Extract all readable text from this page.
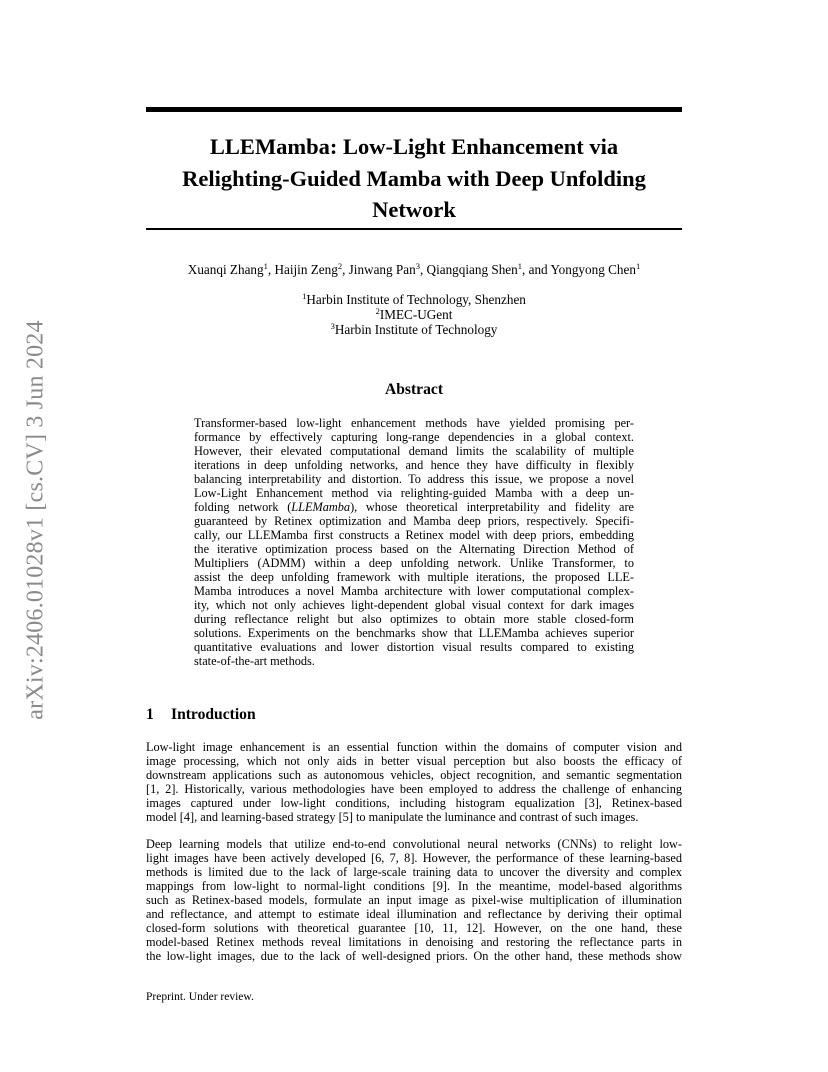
arXiv:2406.01028v1 [cs.CV] 3 Jun 2024
LLEMamba: Low-Light Enhancement via
Relighting-Guided Mamba with Deep Unfolding
Network
Xuanqi Zhang$^1$, Haijin Zeng$^2$, Jinwang Pan$^3$, Qiangqiang Shen$^1$, and Yongyong Chen$^1$
$^1$Harbin Institute of Technology, Shenzhen
$^2$IMEC-UGent
$^3$Harbin Institute of Technology
Abstract
Transformer-based low-light enhancement methods have yielded promising per-
formance by effectively capturing long-range dependencies in a global context.
However, their elevated computational demand limits the scalability of multiple
iterations in deep unfolding networks, and hence they have difficulty in flexibly
balancing interpretability and distortion. To address this issue, we propose a novel
Low-Light Enhancement method via relighting-guided Mamba with a deep un-
folding network (LLEMamba), whose theoretical interpretability and fidelity are
guaranteed by Retinex optimization and Mamba deep priors, respectively. Specifi-
cally, our LLEMamba first constructs a Retinex model with deep priors, embedding
the iterative optimization process based on the Alternating Direction Method of
Multipliers (ADMM) within a deep unfolding network. Unlike Transformer, to
assist the deep unfolding framework with multiple iterations, the proposed LLE-
Mamba introduces a novel Mamba architecture with lower computational complex-
ity, which not only achieves light-dependent global visual context for dark images
during reflectance relight but also optimizes to obtain more stable closed-form
solutions. Experiments on the benchmarks show that LLEMamba achieves superior
quantitative evaluations and lower distortion visual results compared to existing
state-of-the-art methods.
1 Introduction
Low-light image enhancement is an essential function within the domains of computer vision and
image processing, which not only aids in better visual perception but also boosts the efficacy of
downstream applications such as autonomous vehicles, object recognition, and semantic segmentation
[1, 2]. Historically, various methodologies have been employed to address the challenge of enhancing
images captured under low-light conditions, including histogram equalization [3], Retinex-based
model [4], and learning-based strategy [5] to manipulate the luminance and contrast of such images.
Deep learning models that utilize end-to-end convolutional neural networks (CNNs) to relight low-
light images have been actively developed [6, 7, 8]. However, the performance of these learning-based
methods is limited due to the lack of large-scale training data to uncover the diversity and complex
mappings from low-light to normal-light conditions [9]. In the meantime, model-based algorithms
such as Retinex-based models, formulate an input image as pixel-wise multiplication of illumination
and reflectance, and attempt to estimate ideal illumination and reflectance by deriving their optimal
closed-form solutions with theoretical guarantee [10, 11, 12]. However, on the one hand, these
model-based Retinex methods reveal limitations in denoising and restoring the reflectance parts in
the low-light images, due to the lack of well-designed priors. On the other hand, these methods show
Preprint. Under review.
